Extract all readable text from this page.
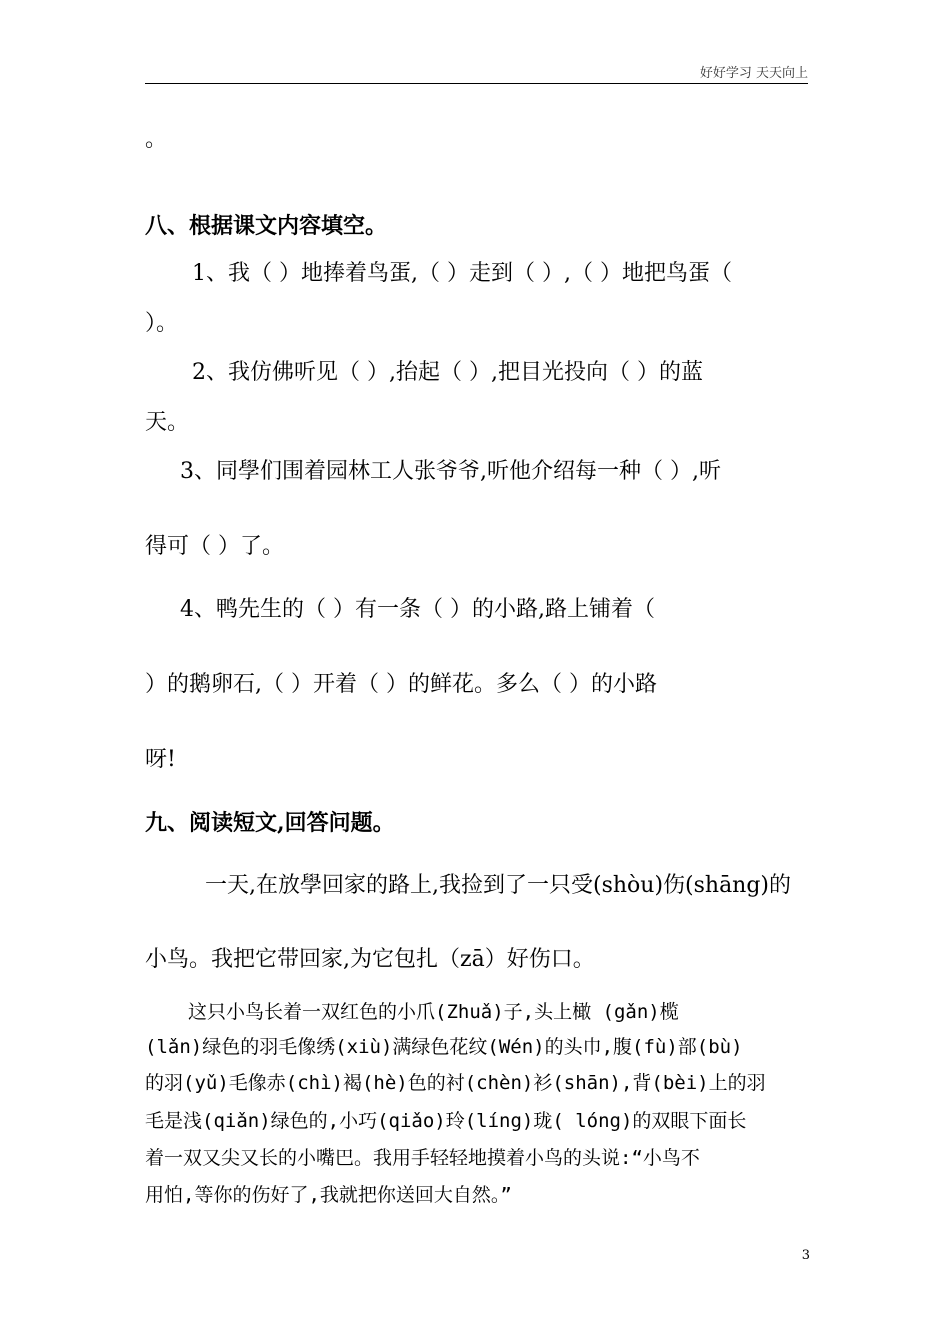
好好学习 天天向上
。
八、根据课文内容填空。
1、我（ ）地捧着鸟蛋,（ ）走到（ ）,（ ）地把鸟蛋（
）。
2、我仿佛听见（ ）,抬起（ ）,把目光投向（ ）的蓝
天。
3、同學们围着园林工人张爷爷,听他介绍每一种（ ）,听
得可（ ）了。
4、鸭先生的（ ）有一条（ ）的小路,路上铺着（
）的鹅卵石,（ ）开着（ ）的鲜花。多么（ ）的小路
呀!
九、阅读短文,回答问题。
一天,在放學回家的路上,我捡到了一只受(shòu)伤(shāng)的
小鸟。我把它带回家,为它包扎（zā）好伤口。
这只小鸟长着一双红色的小爪(Zhuǎ)子,头上橄 (gǎn)榄
(lǎn)绿色的羽毛像绣(xiù)满绿色花纹(Wén)的头巾,腹(fù)部(bù)
的羽(yǔ)毛像赤(chì)褐(hè)色的衬(chèn)衫(shān),背(bèi)上的羽
毛是浅(qiǎn)绿色的,小巧(qiǎo)玲(líng)珑( lóng)的双眼下面长
着一双又尖又长的小嘴巴。我用手轻轻地摸着小鸟的头说:“小鸟不
用怕,等你的伤好了,我就把你送回大自然。”
3
